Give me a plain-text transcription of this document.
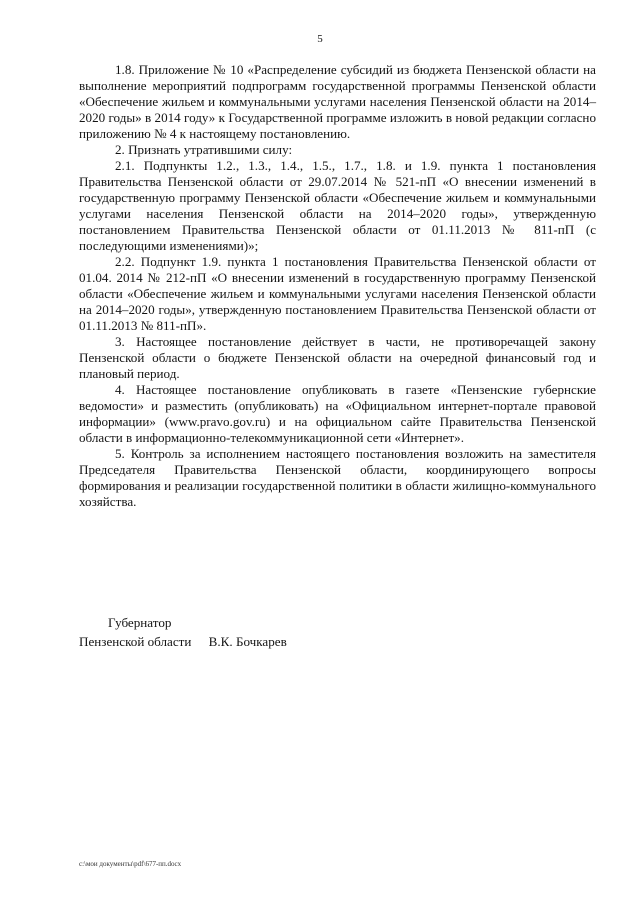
5

1.8. Приложение № 10 «Распределение субсидий из бюджета Пензенской области на выполнение мероприятий подпрограмм государственной программы Пензенской области «Обеспечение жильем и коммунальными услугами населения Пензенской области на 2014–2020 годы» в 2014 году» к Государственной программе изложить в новой редакции согласно приложению № 4 к настоящему постановлению.

2. Признать утратившими силу:

2.1. Подпункты 1.2., 1.3., 1.4., 1.5., 1.7., 1.8. и 1.9. пункта 1 постановления Правительства Пензенской области от 29.07.2014 № 521-пП «О внесении изменений в государственную программу Пензенской области «Обеспечение жильем и коммунальными услугами населения Пензенской области на 2014–2020 годы», утвержденную постановлением Правительства Пензенской области от 01.11.2013 № 811-пП (с последующими изменениями)»;

2.2. Подпункт 1.9. пункта 1 постановления Правительства Пензенской области от 01.04. 2014 № 212-пП «О внесении изменений в государственную программу Пензенской области «Обеспечение жильем и коммунальными услугами населения Пензенской области на 2014–2020 годы», утвержденную постановлением Правительства Пензенской области от 01.11.2013 № 811-пП».

3. Настоящее постановление действует в части, не противоречащей закону Пензенской области о бюджете Пензенской области на очередной финансовый год и плановый период.

4. Настоящее постановление опубликовать в газете «Пензенские губернские ведомости» и разместить (опубликовать) на «Официальном интернет-портале правовой информации» (www.pravo.gov.ru) и на официальном сайте Правительства Пензенской области в информационно-телекоммуникационной сети «Интернет».

5. Контроль за исполнением настоящего постановления возложить на заместителя Председателя Правительства Пензенской области, координирующего вопросы формирования и реализации государственной политики в области жилищно-коммунального хозяйства.

Губернатор
Пензенской области В.К. Бочкарев
c:\мои документы\pdf\677-пп.docx
